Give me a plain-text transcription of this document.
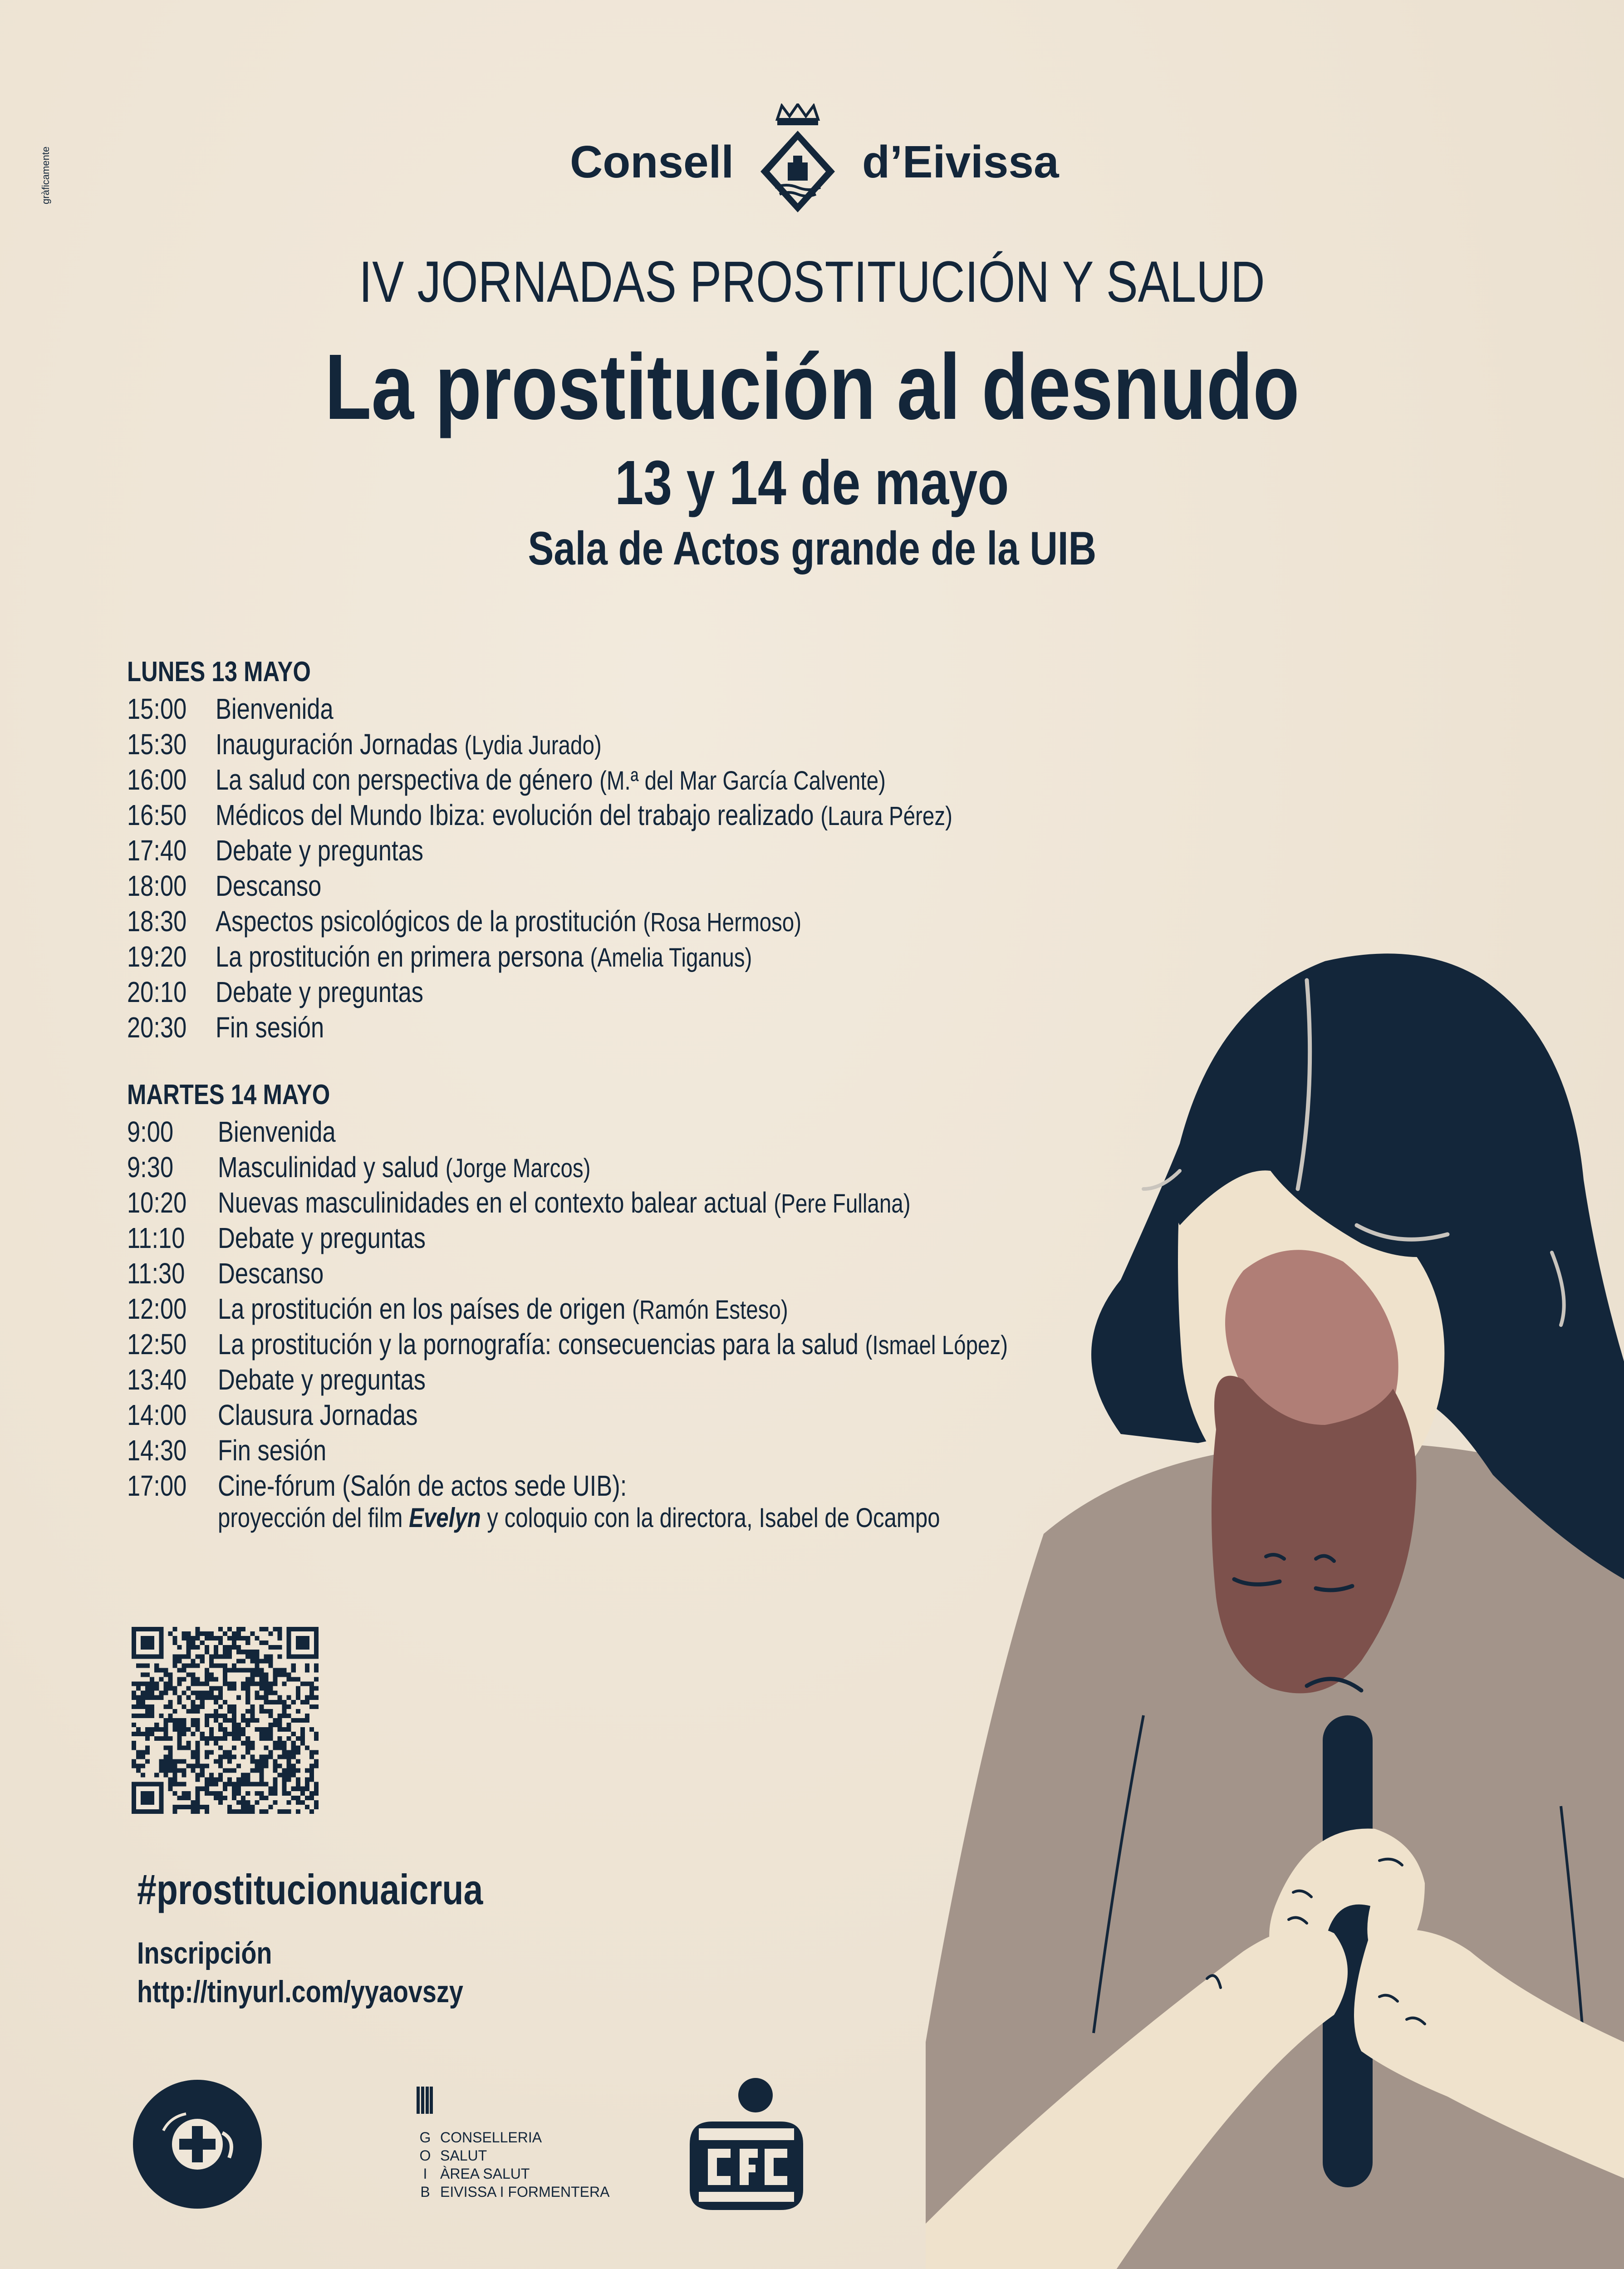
gràficamente	Consell	d’Eivissa
IV JORNADAS PROSTITUCIÓN Y SALUD
La prostitución al desnudo
13 y 14 de mayo
Sala de Actos grande de la UIB
LUNES 13 MAYO
15:00 Bienvenida
15:30 Inauguración Jornadas (Lydia Jurado)
16:00 La salud con perspectiva de género (M.ª del Mar García Calvente)
16:50 Médicos del Mundo Ibiza: evolución del trabajo realizado (Laura Pérez)
17:40 Debate y preguntas
18:00 Descanso
18:30 Aspectos psicológicos de la prostitución (Rosa Hermoso)
19:20 La prostitución en primera persona (Amelia Tiganus)
20:10 Debate y preguntas
20:30 Fin sesión
MARTES 14 MAYO
9:00 Bienvenida
9:30 Masculinidad y salud (Jorge Marcos)
10:20 Nuevas masculinidades en el contexto balear actual (Pere Fullana)
11:10 Debate y preguntas
11:30 Descanso
12:00 La prostitución en los países de origen (Ramón Esteso)
12:50 La prostitución y la pornografía: consecuencias para la salud (Ismael López)
13:40 Debate y preguntas
14:00 Clausura Jornadas
14:30 Fin sesión
17:00 Cine-fórum (Salón de actos sede UIB):
proyección del film Evelyn y coloquio con la directora, Isabel de Ocampo
#prostitucionuaicrua
Inscripción
http://tinyurl.com/yyaovszy
GOIB
CONSELLERIA
SALUT
ÀREA SALUT
EIVISSA I FORMENTERA
